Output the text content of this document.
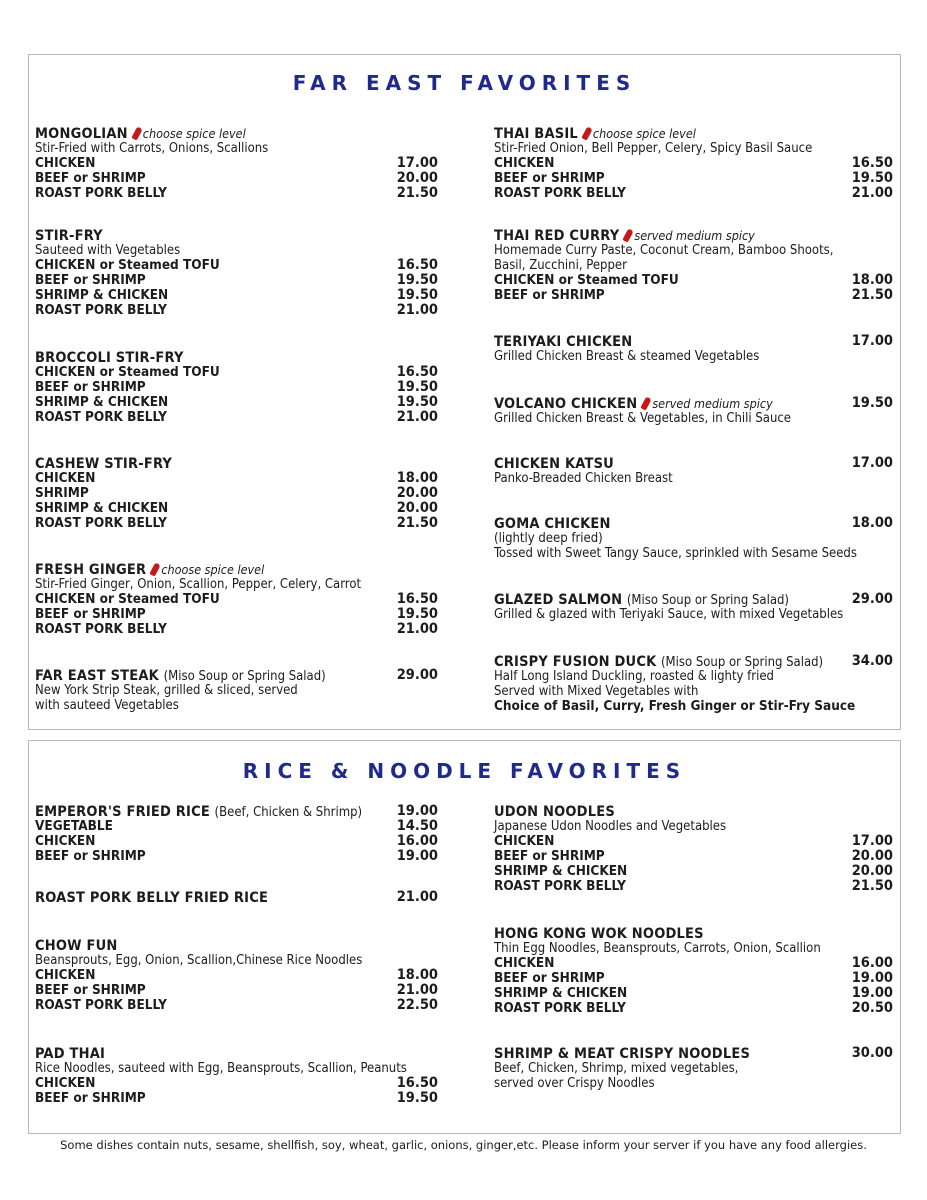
FAR EAST FAVORITES
MONGOLIAN choose spice level
Stir-Fried with Carrots, Onions, Scallions
CHICKEN	17.00
BEEF or SHRIMP	20.00
ROAST PORK BELLY	21.50
STIR-FRY
Sauteed with Vegetables
CHICKEN or Steamed TOFU	16.50
BEEF or SHRIMP	19.50
SHRIMP & CHICKEN	19.50
ROAST PORK BELLY	21.00
BROCCOLI STIR-FRY
CHICKEN or Steamed TOFU	16.50
BEEF or SHRIMP	19.50
SHRIMP & CHICKEN	19.50
ROAST PORK BELLY	21.00
CASHEW STIR-FRY
CHICKEN	18.00
SHRIMP	20.00
SHRIMP & CHICKEN	20.00
ROAST PORK BELLY	21.50
FRESH GINGER choose spice level
Stir-Fried Ginger, Onion, Scallion, Pepper, Celery, Carrot
CHICKEN or Steamed TOFU	16.50
BEEF or SHRIMP	19.50
ROAST PORK BELLY	21.00
FAR EAST STEAK (Miso Soup or Spring Salad)	29.00
New York Strip Steak, grilled & sliced, served
with sauteed Vegetables
THAI BASIL choose spice level
Stir-Fried Onion, Bell Pepper, Celery, Spicy Basil Sauce
CHICKEN	16.50
BEEF or SHRIMP	19.50
ROAST PORK BELLY	21.00
THAI RED CURRY served medium spicy
Homemade Curry Paste, Coconut Cream, Bamboo Shoots,
Basil, Zucchini, Pepper
CHICKEN or Steamed TOFU	18.00
BEEF or SHRIMP	21.50
TERIYAKI CHICKEN	17.00
Grilled Chicken Breast & steamed Vegetables
VOLCANO CHICKEN served medium spicy	19.50
Grilled Chicken Breast & Vegetables, in Chili Sauce
CHICKEN KATSU	17.00
Panko-Breaded Chicken Breast
GOMA CHICKEN	18.00
(lightly deep fried)
Tossed with Sweet Tangy Sauce, sprinkled with Sesame Seeds
GLAZED SALMON (Miso Soup or Spring Salad)	29.00
Grilled & glazed with Teriyaki Sauce, with mixed Vegetables
CRISPY FUSION DUCK (Miso Soup or Spring Salad) 34.00
Half Long Island Duckling, roasted & lighty fried
Served with Mixed Vegetables with
Choice of Basil, Curry, Fresh Ginger or Stir-Fry Sauce
RICE & NOODLE FAVORITES
EMPEROR'S FRIED RICE (Beef, Chicken & Shrimp) 19.00
VEGETABLE	14.50
CHICKEN	16.00
BEEF or SHRIMP	19.00
ROAST PORK BELLY FRIED RICE	21.00
CHOW FUN
Beansprouts, Egg, Onion, Scallion,Chinese Rice Noodles
CHICKEN	18.00
BEEF or SHRIMP	21.00
ROAST PORK BELLY	22.50
PAD THAI
Rice Noodles, sauteed with Egg, Beansprouts, Scallion, Peanuts
CHICKEN	16.50
BEEF or SHRIMP	19.50
UDON NOODLES
Japanese Udon Noodles and Vegetables
CHICKEN	17.00
BEEF or SHRIMP	20.00
SHRIMP & CHICKEN	20.00
ROAST PORK BELLY	21.50
HONG KONG WOK NOODLES
Thin Egg Noodles, Beansprouts, Carrots, Onion, Scallion
CHICKEN	16.00
BEEF or SHRIMP	19.00
SHRIMP & CHICKEN	19.00
ROAST PORK BELLY	20.50
SHRIMP & MEAT CRISPY NOODLES	30.00
Beef, Chicken, Shrimp, mixed vegetables,
served over Crispy Noodles
Some dishes contain nuts, sesame, shellfish, soy, wheat, garlic, onions, ginger,etc. Please inform your server if you have any food allergies.
